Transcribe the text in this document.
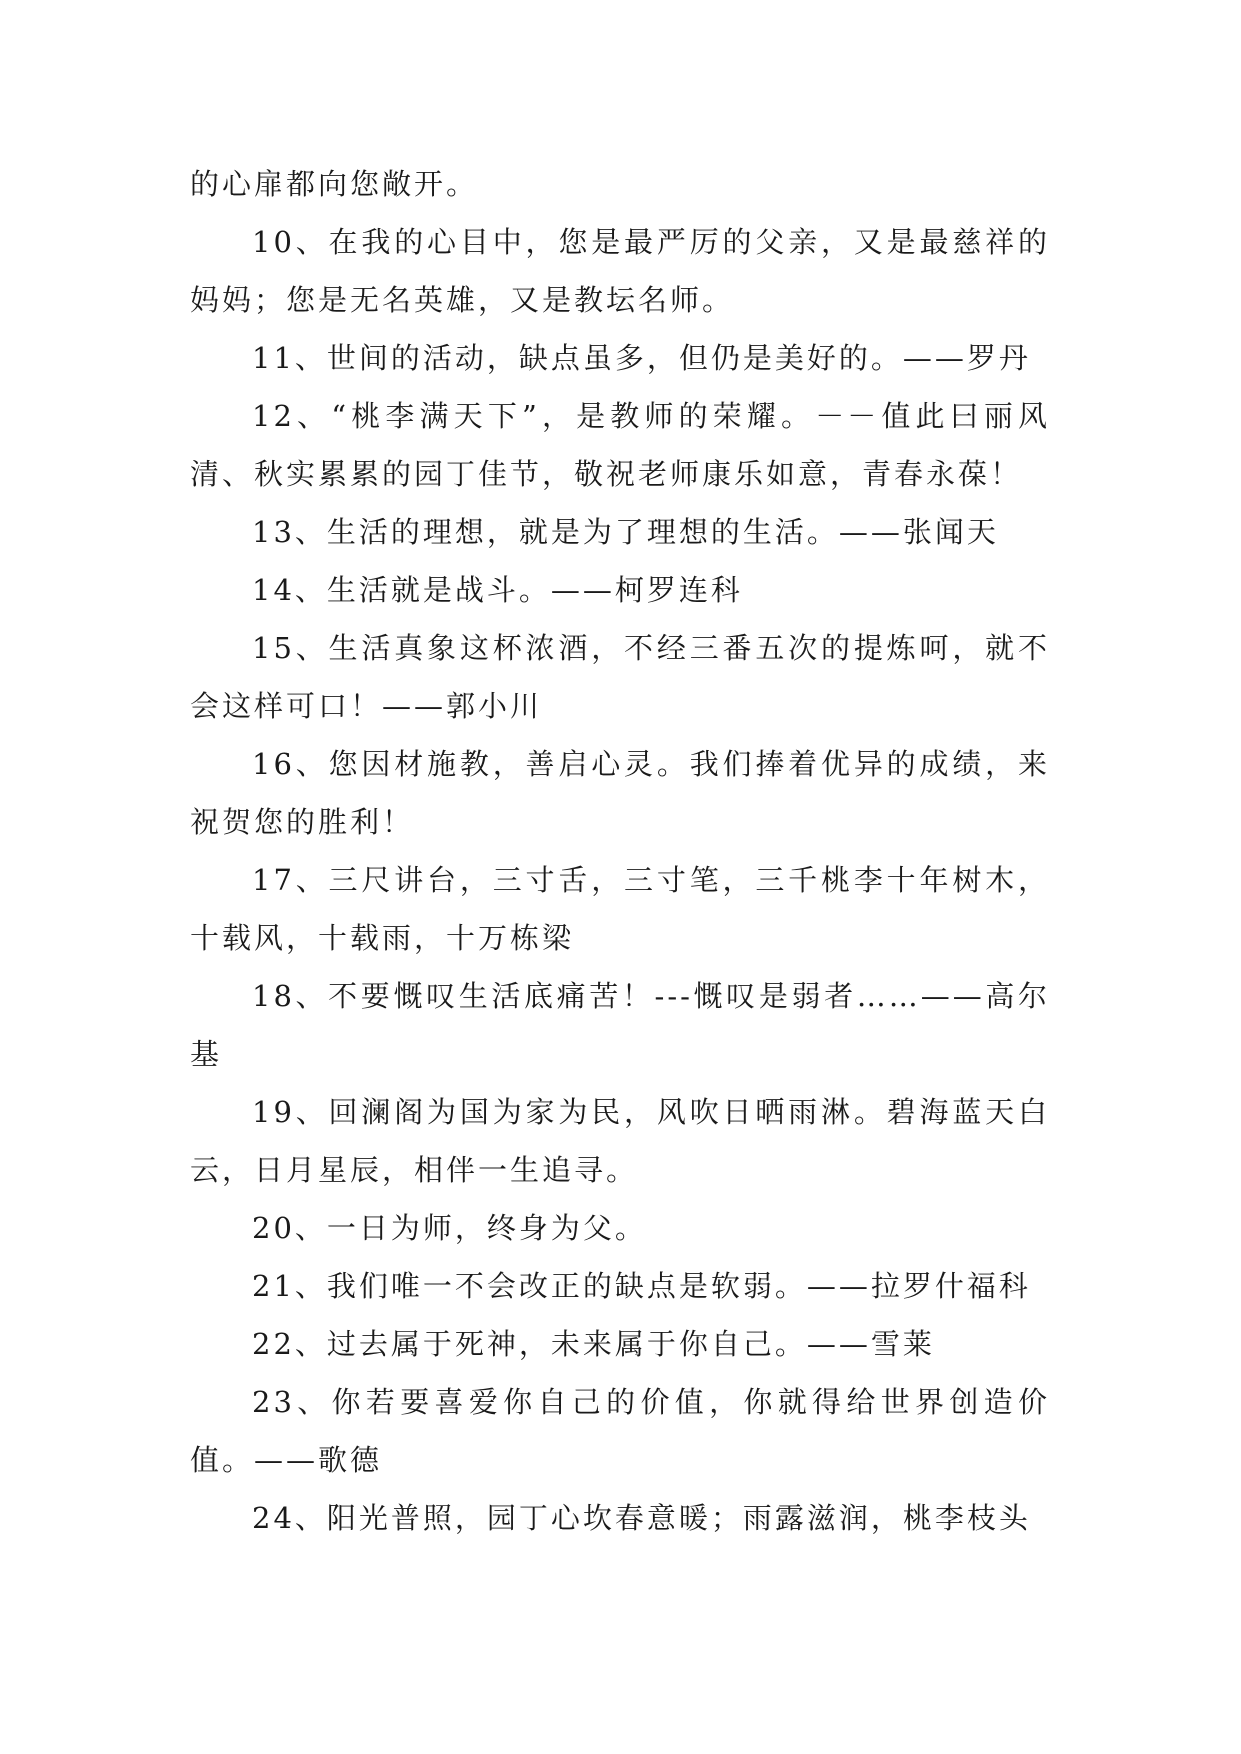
的心扉都向您敞开。

10、在我的心目中，您是最严厉的父亲，又是最慈祥的妈妈；您是无名英雄，又是教坛名师。

11、世间的活动，缺点虽多，但仍是美好的。——罗丹

12、“桃李满天下”，是教师的荣耀。－－值此曰丽风清、秋实累累的园丁佳节，敬祝老师康乐如意，青春永葆！

13、生活的理想，就是为了理想的生活。——张闻天

14、生活就是战斗。——柯罗连科

15、生活真象这杯浓酒，不经三番五次的提炼呵，就不会这样可口！——郭小川

16、您因材施教，善启心灵。我们捧着优异的成绩，来祝贺您的胜利！

17、三尺讲台，三寸舌，三寸笔，三千桃李十年树木，十载风，十载雨，十万栋梁

18、不要慨叹生活底痛苦！---慨叹是弱者……——高尔基

19、回澜阁为国为家为民，风吹日晒雨淋。碧海蓝天白云，日月星辰，相伴一生追寻。

20、一日为师，终身为父。

21、我们唯一不会改正的缺点是软弱。——拉罗什福科

22、过去属于死神，未来属于你自己。——雪莱

23、你若要喜爱你自己的价值，你就得给世界创造价值。——歌德

24、阳光普照，园丁心坎春意暖；雨露滋润，桃李枝头
